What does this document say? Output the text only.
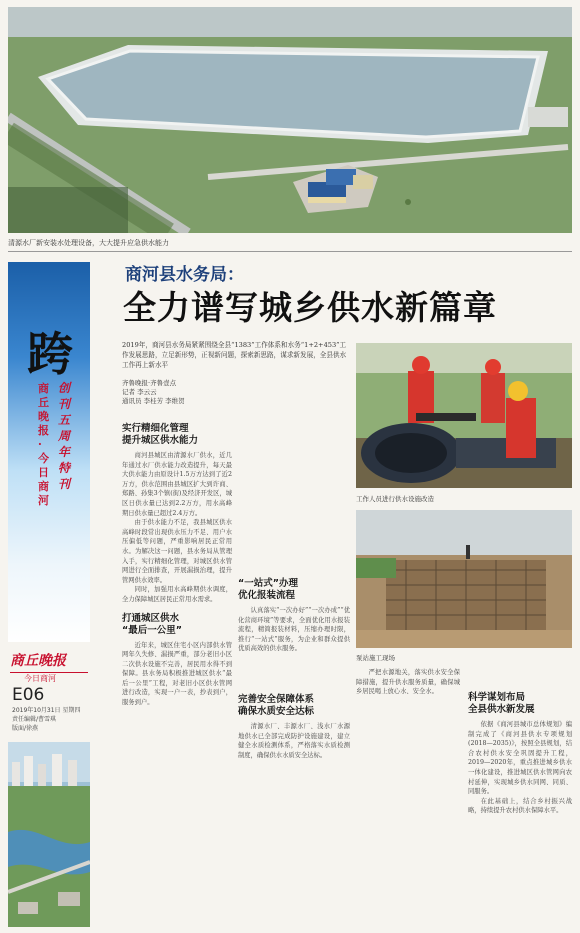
清源水厂新安装水处理设备，大大提升应急供水能力
跨
商丘晚报·今日商河
创刊五周年特刊
商丘晚报
今日商河
E06
2019年10月31日 星期四
责任编辑/曹雪琪
版面/徐燕
商河县水务局：
全力谱写城乡供水新篇章
2019年，商河县水务局紧紧围绕全县“1383”工作体系和水务“1+2+453”工作发展思路，立足新形势，正视新问题，探索新思路，谋求新发展，全县供水工作再上新水平
齐鲁晚报·齐鲁壹点
记者 李云云
通讯员 李桂芳 李维贺
实行精细化管理
提升城区供水能力

商河县城区由清源水厂供水，近几年通过水厂供水能力改造提升，每天最大供水能力由原设计1.5万方达到了近2万方，供水范围由县城区扩大到许商、郑路、孙集3个镇(街)及经济开发区，城区日供水量已达到2.2万方，用水高峰期日供水量已超过2.4万方。

由于供水能力不足，我县城区供水高峰时段常出现供水压力不足、用户水压偏低等问题，严重影响居民正常用水。为解决这一问题，县水务局从管理入手，实行精细化管理，对城区供水管网进行全面排查，开展漏损治理，提升管网供水效率。

同时，加强用水高峰期供水调度，全力保障城区居民正常用水需求。

打通城区供水
“最后一公里”

近年来，城区住宅小区内部供水管网年久失修、漏损严重，部分老旧小区二次供水设施不完善，居民用水得不到保障。县水务局积极推进城区供水“最后一公里”工程，对老旧小区供水管网进行改造，实现一户一表，抄表到户，服务到户。

“一站式”办理
优化报装流程

认真落实“一次办好”“一次办成”“优化营商环境”等要求，全面优化用水报装流程，精简报装材料，压缩办理时限，推行“一站式”服务，为企业和群众提供优质高效的供水服务。

完善安全保障体系
确保水质安全达标

清源水厂、丰源水厂、浅水厂水源地供水已全部完成防护设施建设，建立健全水质检测体系，严格落实水质检测制度，确保供水水质安全达标。

严把水源地关，落实供水安全保障措施，提升供水服务质量，确保城乡居民喝上放心水、安全水。

科学谋划布局
全县供水新发展

依据《商河县城市总体规划》编制完成了《商河县供水专项规划(2018—2035)》，按照全县规划，结合农村供水安全巩固提升工程，2019—2020年，重点推进城乡供水一体化建设，推进城区供水管网向农村延伸，实现城乡供水同网、同质、同服务。

在此基础上，结合乡村振兴战略，持续提升农村供水保障水平。

工作人员进行供水设施改造
泵站施工现场
